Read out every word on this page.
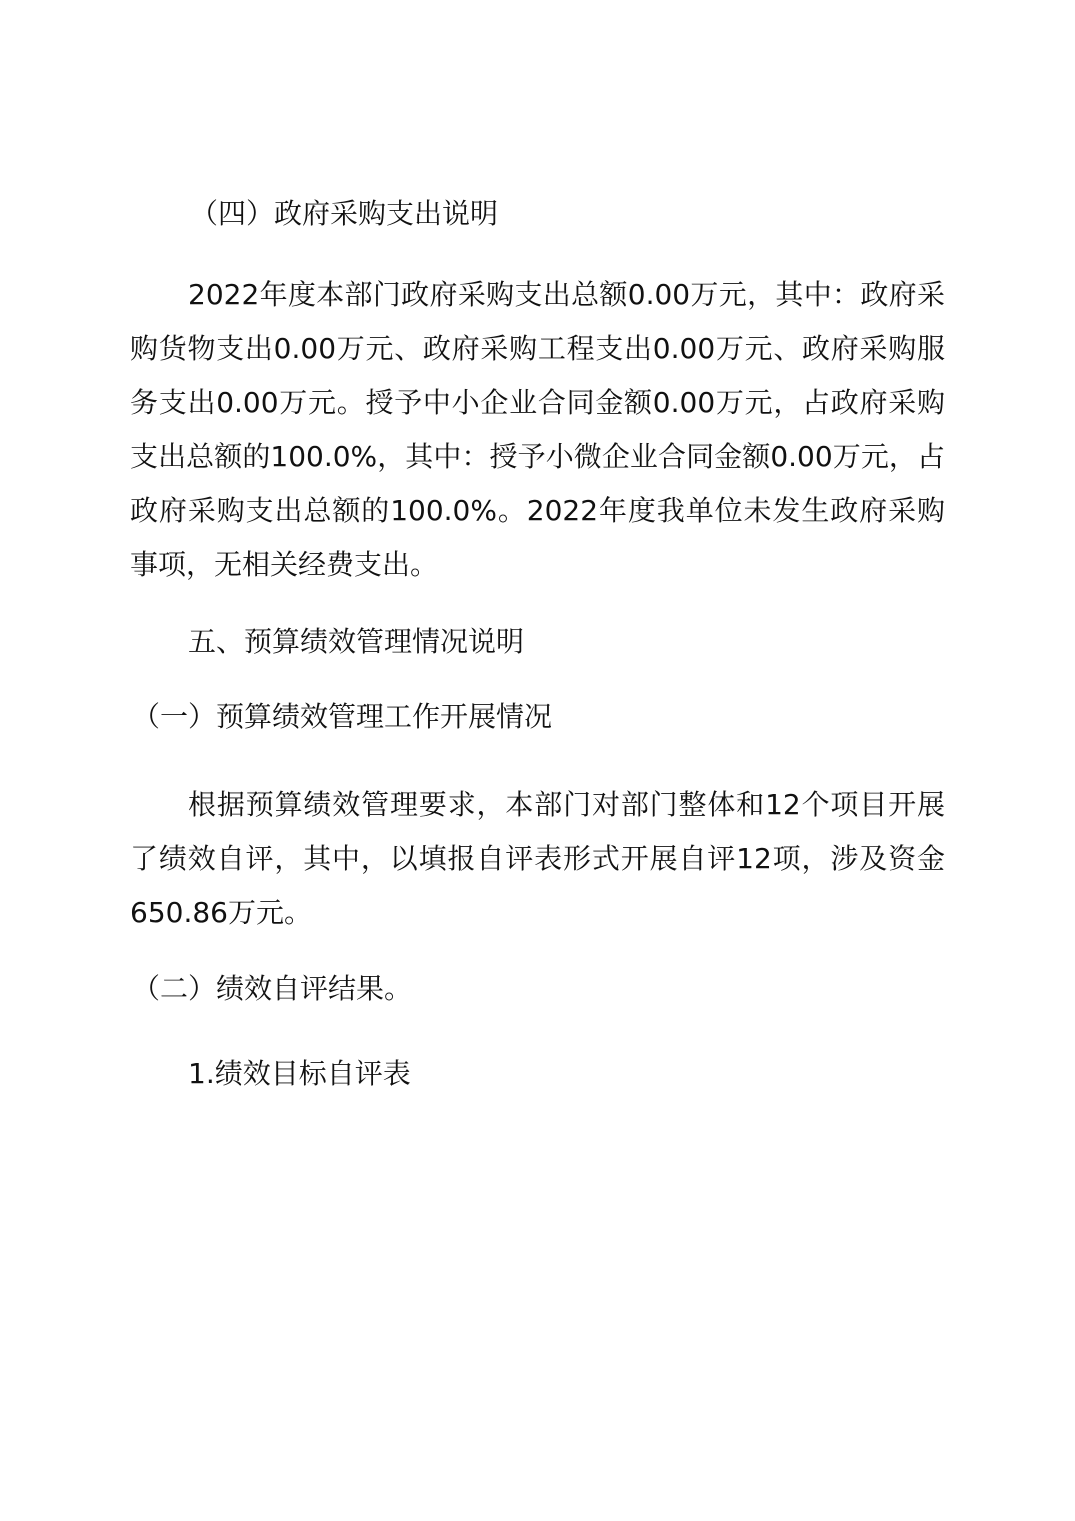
（四）政府采购支出说明

2022年度本部门政府采购支出总额0.00万元，其中：政府采购货物支出0.00万元、政府采购工程支出0.00万元、政府采购服务支出0.00万元。授予中小企业合同金额0.00万元，占政府采购支出总额的100.0%，其中：授予小微企业合同金额0.00万元，占政府采购支出总额的100.0%。2022年度我单位未发生政府采购事项，无相关经费支出。

五、预算绩效管理情况说明
（一）预算绩效管理工作开展情况

根据预算绩效管理要求，本部门对部门整体和12个项目开展了绩效自评，其中，以填报自评表形式开展自评12项，涉及资金650.86万元。

（二）绩效自评结果。
1.绩效目标自评表
